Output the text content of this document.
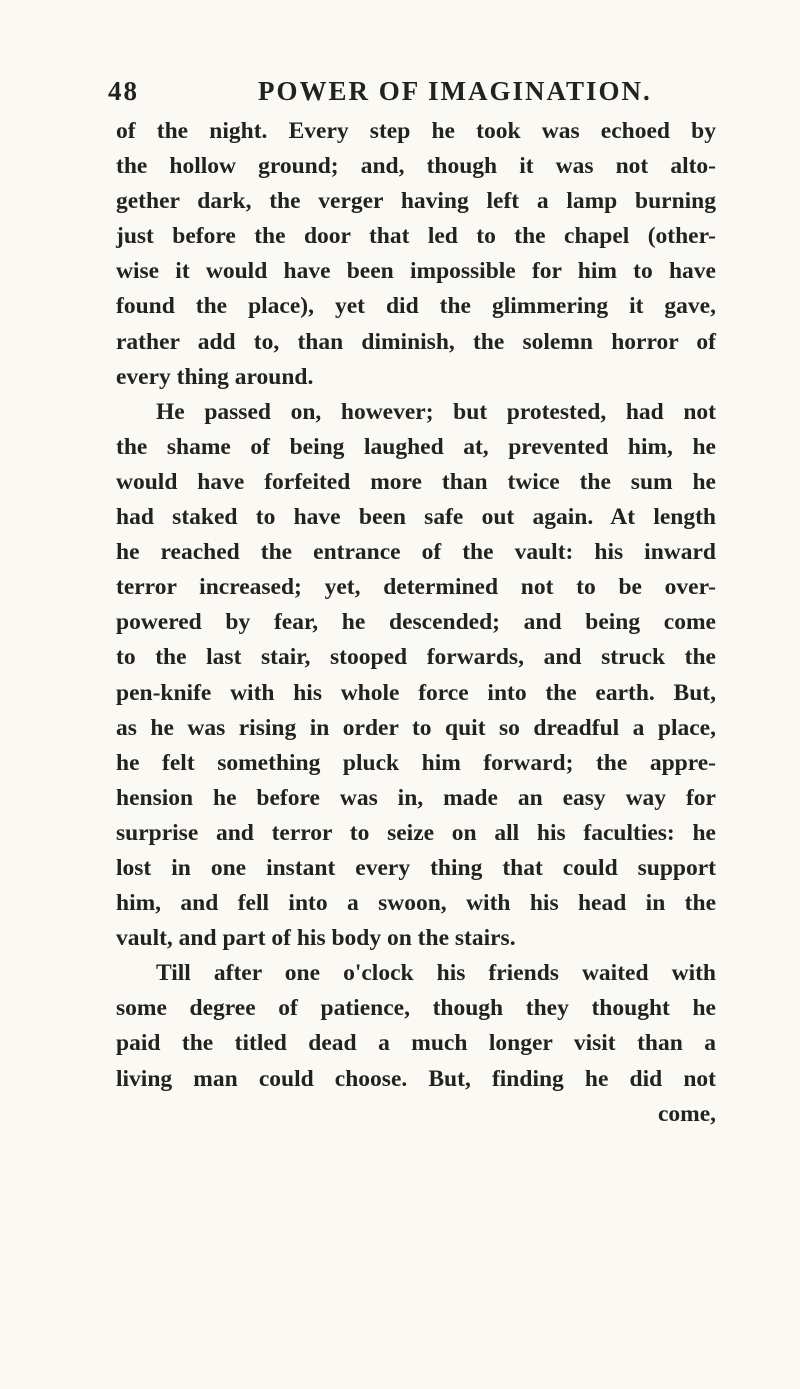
48	POWER OF IMAGINATION.
of the night. Every step he took was echoed by
the hollow ground; and, though it was not alto-
gether dark, the verger having left a lamp burning
just before the door that led to the chapel (other-
wise it would have been impossible for him to have
found the place), yet did the glimmering it gave,
rather add to, than diminish, the solemn horror of
every thing around.
He passed on, however; but protested, had not
the shame of being laughed at, prevented him, he
would have forfeited more than twice the sum he
had staked to have been safe out again. At length
he reached the entrance of the vault: his inward
terror increased; yet, determined not to be over-
powered by fear, he descended; and being come
to the last stair, stooped forwards, and struck the
pen-knife with his whole force into the earth. But,
as he was rising in order to quit so dreadful a place,
he felt something pluck him forward; the appre-
hension he before was in, made an easy way for
surprise and terror to seize on all his faculties: he
lost in one instant every thing that could support
him, and fell into a swoon, with his head in the
vault, and part of his body on the stairs.
Till after one o'clock his friends waited with
some degree of patience, though they thought he
paid the titled dead a much longer visit than a
living man could choose. But, finding he did not
come,
